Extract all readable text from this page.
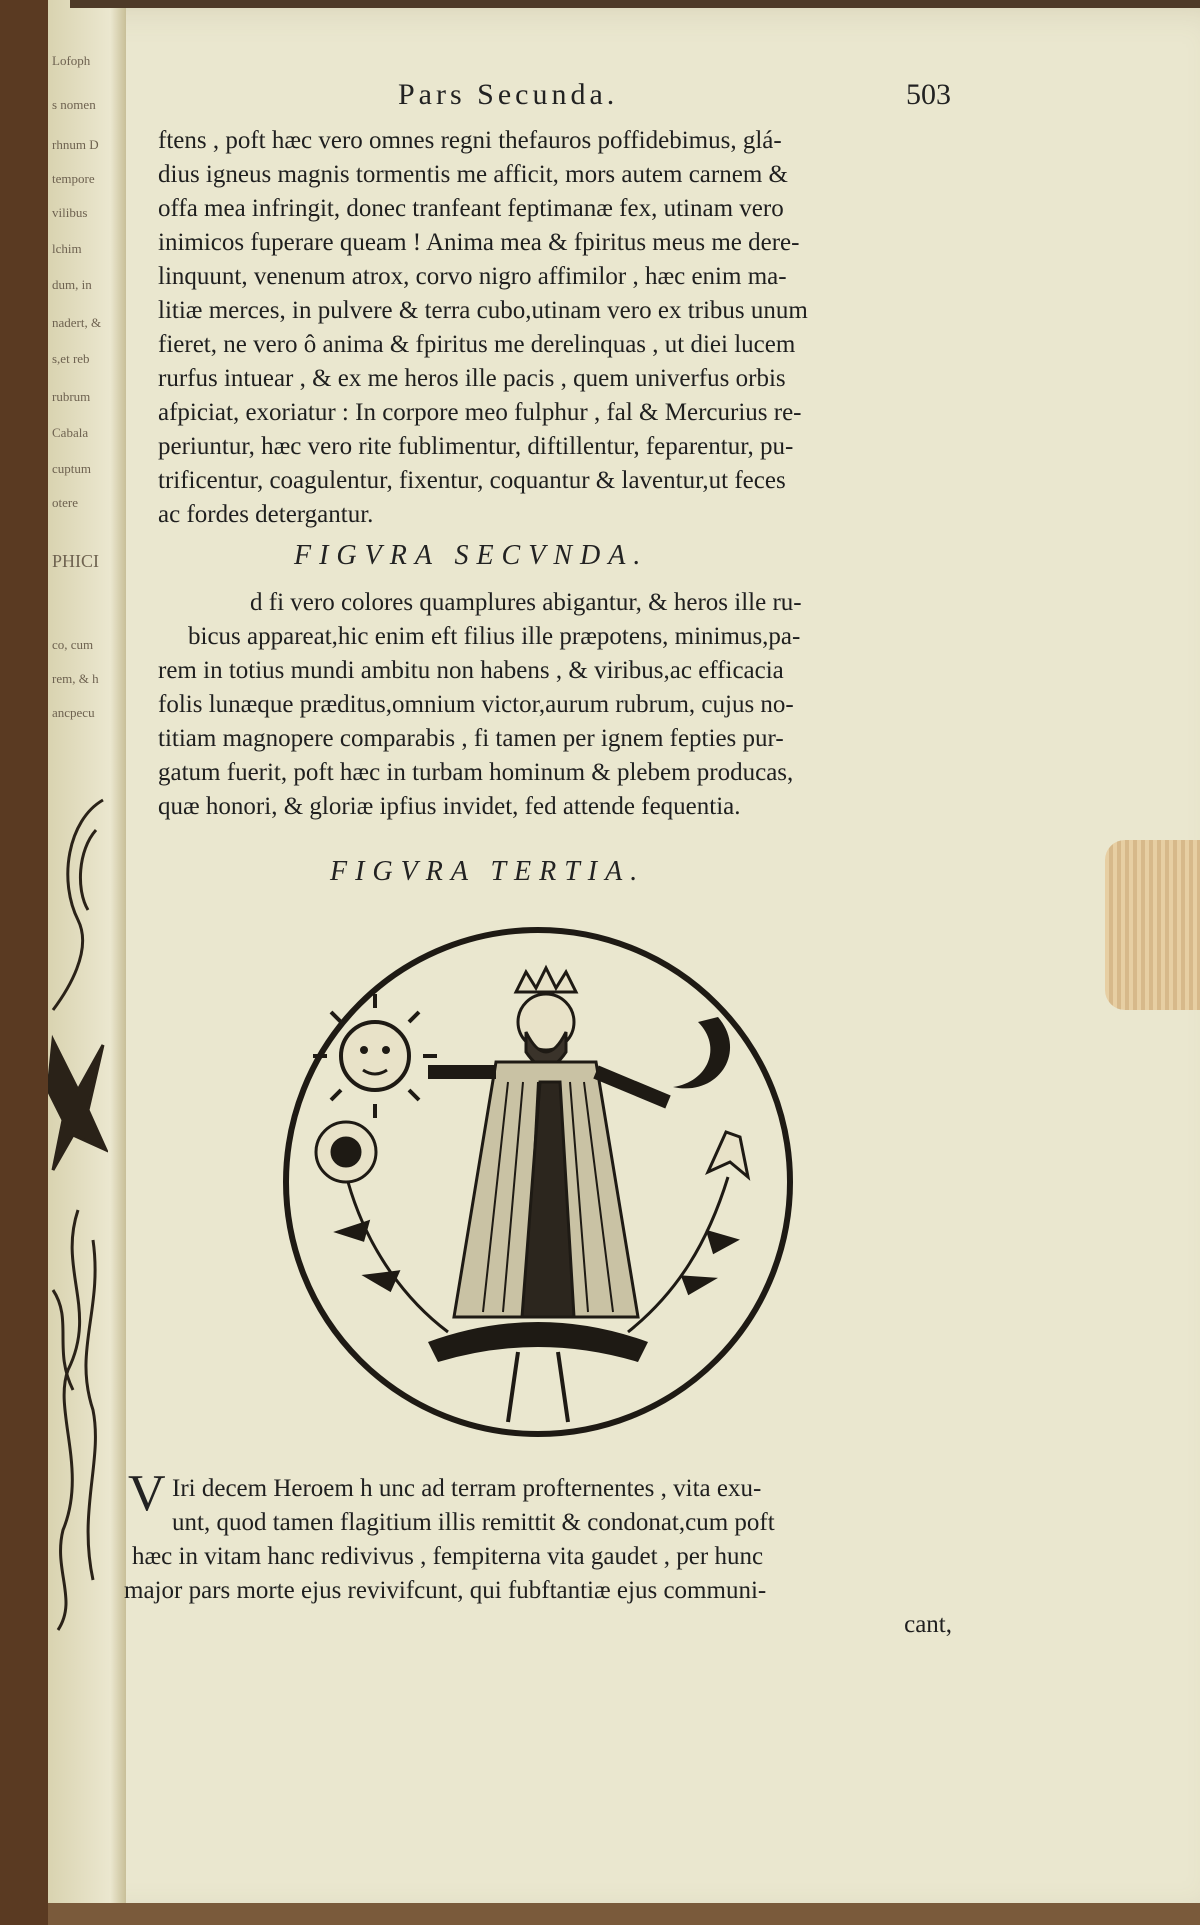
Lofoph
s nomen
rhnum D
tempore
vilibus
lchim
dum, in
nadert, &
s,et reb
rubrum
Cabala
cuptum
otere
PHICI
co, cum
rem, & h
ancpecu
Pars Secunda.	503
ftens , poft hæc vero omnes regni thefauros poffidebimus, glá-
dius igneus magnis tormentis me afficit, mors autem carnem &
offa mea infringit, donec tranfeant feptimanæ fex, utinam vero
inimicos fuperare queam ! Anima mea & fpiritus meus me dere-
linquunt, venenum atrox, corvo nigro affimilor , hæc enim ma-
litiæ merces, in pulvere & terra cubo,utinam vero ex tribus unum
fieret, ne vero ô anima & fpiritus me derelinquas , ut diei lucem
rurfus intuear , & ex me heros ille pacis , quem univerfus orbis
afpiciat, exoriatur : In corpore meo fulphur , fal & Mercurius re-
periuntur, hæc vero rite fublimentur, diftillentur, feparentur, pu-
trificentur, coagulentur, fixentur, coquantur & laventur,ut feces
ac fordes detergantur.
FIGVRA SECVNDA.
d fi vero colores quamplures abigantur, & heros ille ru-
bicus appareat,hic enim eft filius ille præpotens, minimus,pa-
rem in totius mundi ambitu non habens , & viribus,ac efficacia
folis lunæque præditus,omnium victor,aurum rubrum, cujus no-
titiam magnopere comparabis , fi tamen per ignem fepties pur-
gatum fuerit, poft hæc in turbam hominum & plebem producas,
quæ honori, & gloriæ ipfius invidet, fed attende fequentia.
FIGVRA TERTIA.
V Iri decem Heroem h unc ad terram profternentes , vita exu-
unt, quod tamen flagitium illis remittit & condonat,cum poft
hæc in vitam hanc redivivus , fempiterna vita gaudet , per hunc
major pars morte ejus revivifcunt, qui fubftantiæ ejus communi-
cant,
